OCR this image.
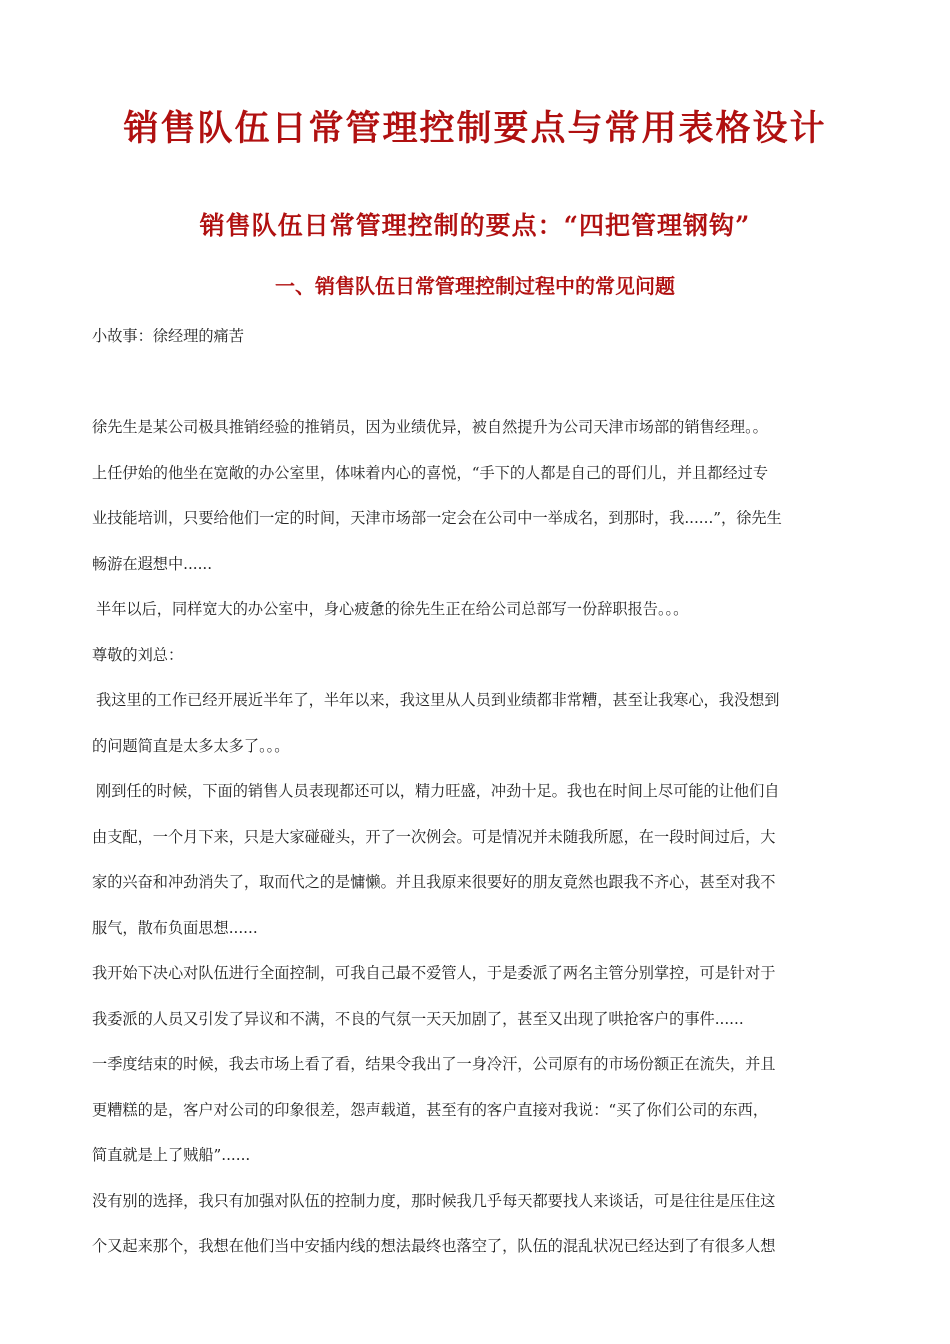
销售队伍日常管理控制要点与常用表格设计
销售队伍日常管理控制的要点：“四把管理钢钩”
一、销售队伍日常管理控制过程中的常见问题
小故事：徐经理的痛苦
徐先生是某公司极具推销经验的推销员，因为业绩优异，被自然提升为公司天津市场部的销售经理。。
上任伊始的他坐在宽敞的办公室里，体味着内心的喜悦，“手下的人都是自己的哥们儿，并且都经过专
业技能培训，只要给他们一定的时间，天津市场部一定会在公司中一举成名，到那时，我......”，徐先生
畅游在遐想中......
半年以后，同样宽大的办公室中，身心疲惫的徐先生正在给公司总部写一份辞职报告。。。
尊敬的刘总：
我这里的工作已经开展近半年了，半年以来，我这里从人员到业绩都非常糟，甚至让我寒心，我没想到
的问题简直是太多太多了。。。
刚到任的时候，下面的销售人员表现都还可以，精力旺盛，冲劲十足。我也在时间上尽可能的让他们自
由支配，一个月下来，只是大家碰碰头，开了一次例会。可是情况并未随我所愿，在一段时间过后，大
家的兴奋和冲劲消失了，取而代之的是慵懒。并且我原来很要好的朋友竟然也跟我不齐心，甚至对我不
服气，散布负面思想......
我开始下决心对队伍进行全面控制，可我自己最不爱管人，于是委派了两名主管分别掌控，可是针对于
我委派的人员又引发了异议和不满，不良的气氛一天天加剧了，甚至又出现了哄抢客户的事件......
一季度结束的时候，我去市场上看了看，结果令我出了一身冷汗，公司原有的市场份额正在流失，并且
更糟糕的是，客户对公司的印象很差，怨声载道，甚至有的客户直接对我说：“买了你们公司的东西，
简直就是上了贼船”......
没有别的选择，我只有加强对队伍的控制力度，那时候我几乎每天都要找人来谈话，可是往往是压住这
个又起来那个，我想在他们当中安插内线的想法最终也落空了，队伍的混乱状况已经达到了有很多人想
